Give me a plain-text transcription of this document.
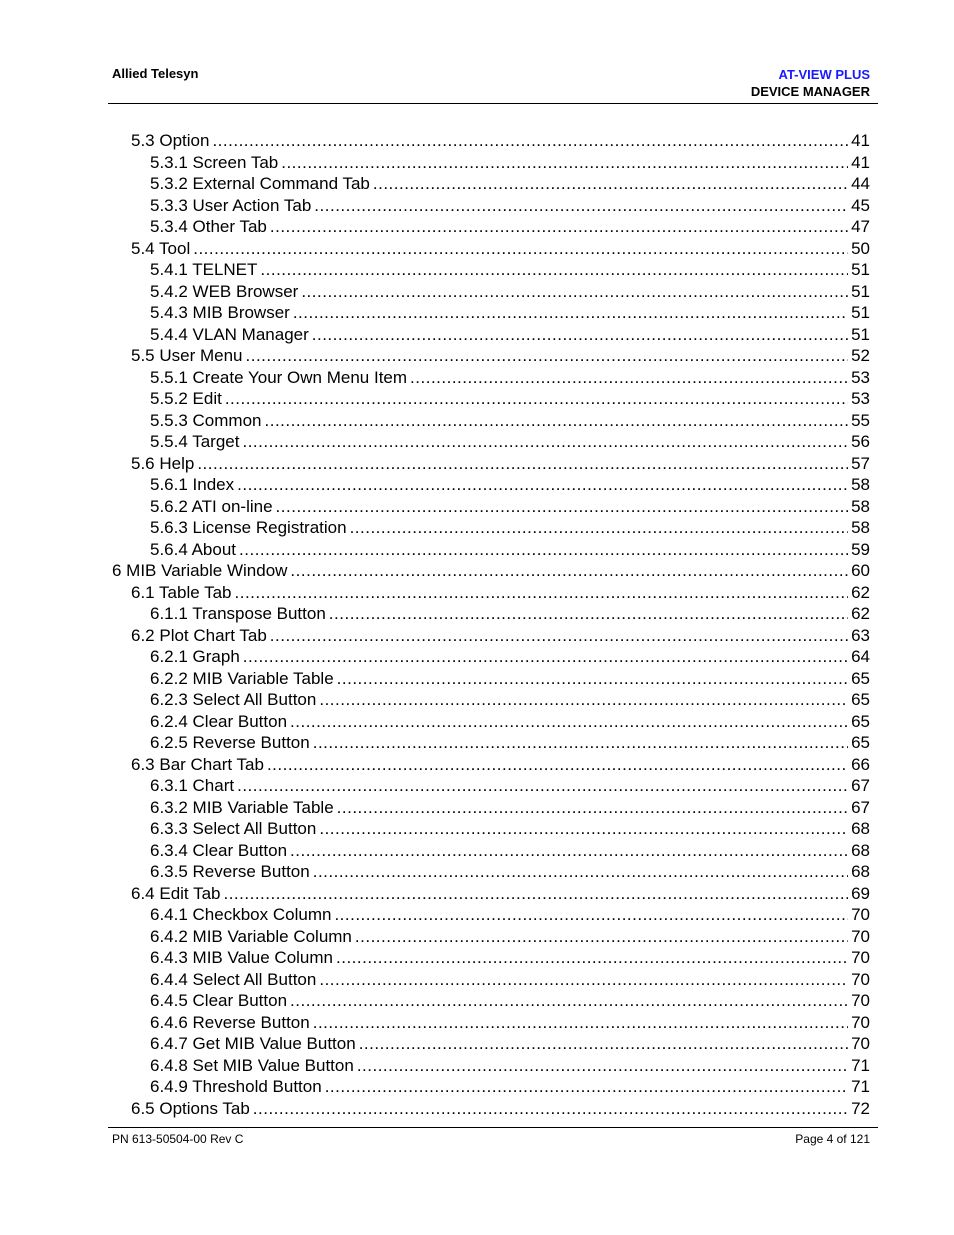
Allied Telesyn	AT-VIEW PLUS
DEVICE MANAGER
5.3 Option .....	41
5.3.1 Screen Tab .....	41
5.3.2 External Command Tab .....	44
5.3.3 User Action Tab .....	45
5.3.4 Other Tab .....	47
5.4 Tool .....	50
5.4.1 TELNET .....	51
5.4.2 WEB Browser .....	51
5.4.3 MIB Browser .....	51
5.4.4 VLAN Manager .....	51
5.5 User Menu .....	52
5.5.1 Create Your Own Menu Item .....	53
5.5.2 Edit .....	53
5.5.3 Common .....	55
5.5.4 Target .....	56
5.6 Help .....	57
5.6.1 Index .....	58
5.6.2 ATI on-line .....	58
5.6.3 License Registration .....	58
5.6.4 About .....	59
6 MIB Variable Window .....	60
6.1 Table Tab .....	62
6.1.1 Transpose Button .....	62
6.2 Plot Chart Tab .....	63
6.2.1 Graph .....	64
6.2.2 MIB Variable Table .....	65
6.2.3 Select All Button .....	65
6.2.4 Clear Button .....	65
6.2.5 Reverse Button .....	65
6.3 Bar Chart Tab .....	66
6.3.1 Chart .....	67
6.3.2 MIB Variable Table .....	67
6.3.3 Select All Button .....	68
6.3.4 Clear Button .....	68
6.3.5 Reverse Button .....	68
6.4 Edit Tab .....	69
6.4.1 Checkbox Column .....	70
6.4.2 MIB Variable Column .....	70
6.4.3 MIB Value Column .....	70
6.4.4 Select All Button .....	70
6.4.5 Clear Button .....	70
6.4.6 Reverse Button .....	70
6.4.7 Get MIB Value Button .....	70
6.4.8 Set MIB Value Button .....	71
6.4.9 Threshold Button .....	71
6.5 Options Tab .....	72
PN 613-50504-00 Rev C	Page 4 of 121
